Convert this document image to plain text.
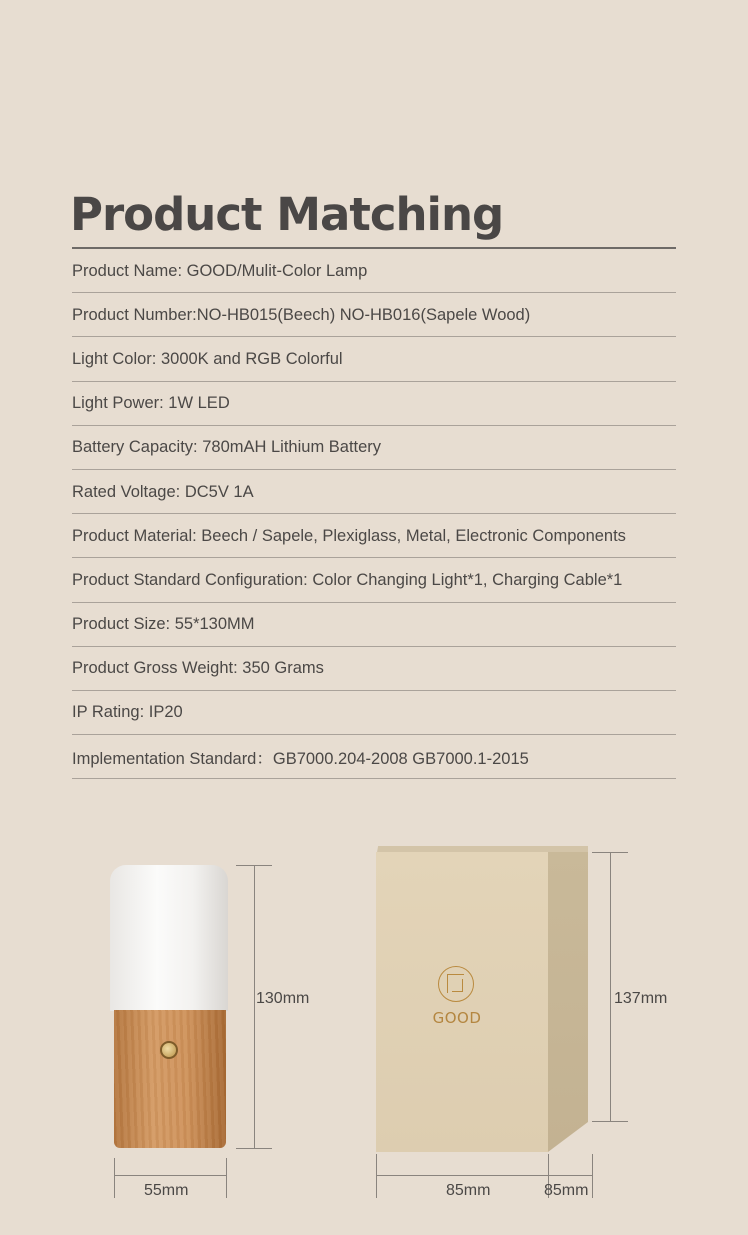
Product Matching
Product Name: GOOD/Mulit-Color Lamp
Product Number:NO-HB015(Beech) NO-HB016(Sapele Wood)
Light Color: 3000K and RGB Colorful
Light Power: 1W LED
Battery Capacity: 780mAH Lithium Battery
Rated Voltage: DC5V 1A
Product Material: Beech / Sapele, Plexiglass, Metal, Electronic Components
Product Standard Configuration: Color Changing Light*1, Charging Cable*1
Product Size: 55*130MM
Product Gross Weight: 350 Grams
IP Rating: IP20
Implementation Standard：GB7000.204-2008 GB7000.1-2015
130mm
55mm
GOOD
137mm
85mm	85mm
